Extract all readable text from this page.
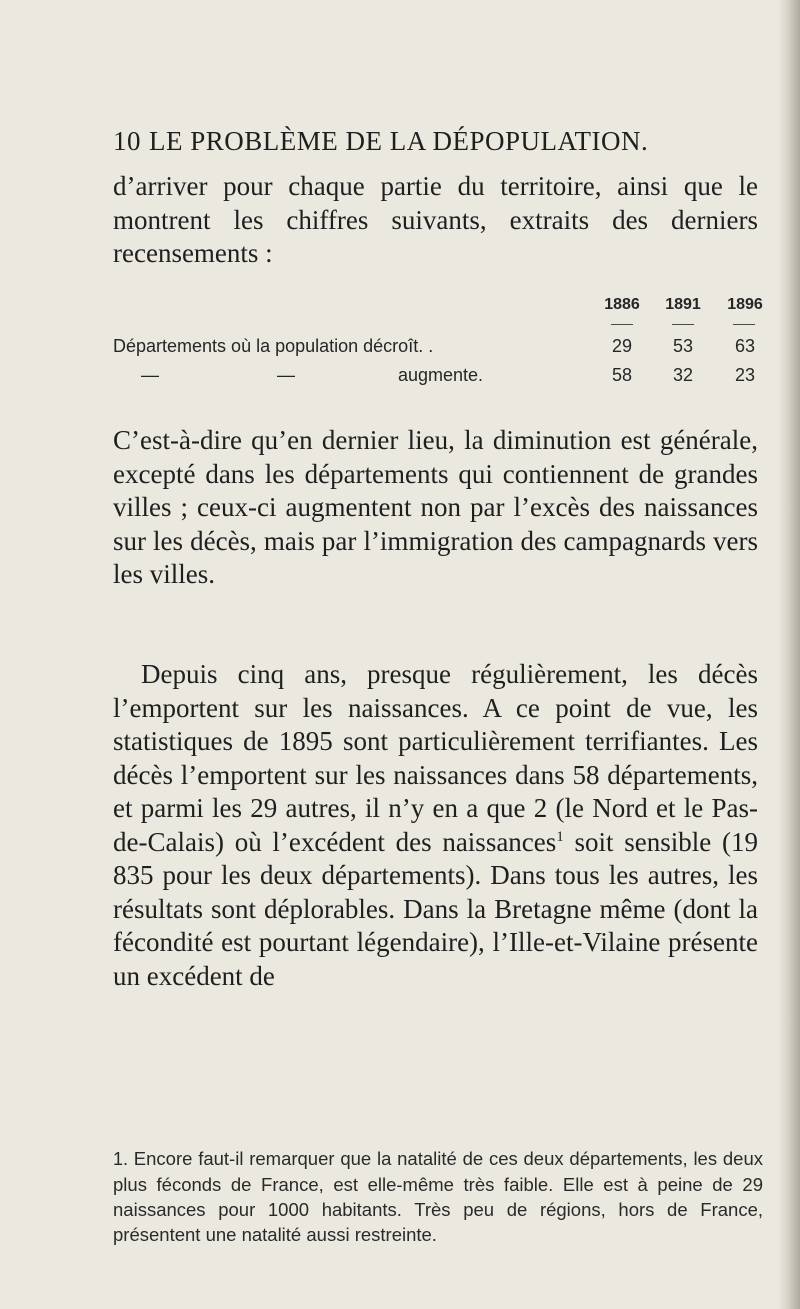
10 LE PROBLÈME DE LA DÉPOPULATION.
d’arriver pour chaque partie du territoire, ainsi que le montrent les chiffres suivants, extraits des derniers recensements :
1886 1891 1896
Départements où la population décroît. .	29	53	63
—	—	augmente.	58	32	23
C’est-à-dire qu’en dernier lieu, la diminution est générale, excepté dans les départements qui contiennent de grandes villes ; ceux-ci augmentent non par l’excès des naissances sur les décès, mais par l’immigration des campagnards vers les villes.
Depuis cinq ans, presque régulièrement, les décès l’emportent sur les naissances. A ce point de vue, les statistiques de 1895 sont particulièrement terrifiantes. Les décès l’emportent sur les naissances dans 58 départements, et parmi les 29 autres, il n’y en a que 2 (le Nord et le Pas-de-Calais) où l’excédent des naissances$^1$ soit sensible (19 835 pour les deux départements). Dans tous les autres, les résultats sont déplorables. Dans la Bretagne même (dont la fécondité est pourtant légendaire), l’Ille-et-Vilaine présente un excédent de
1. Encore faut-il remarquer que la natalité de ces deux départements, les deux plus féconds de France, est elle-même très faible. Elle est à peine de 29 naissances pour 1000 habitants. Très peu de régions, hors de France, présentent une natalité aussi restreinte.
